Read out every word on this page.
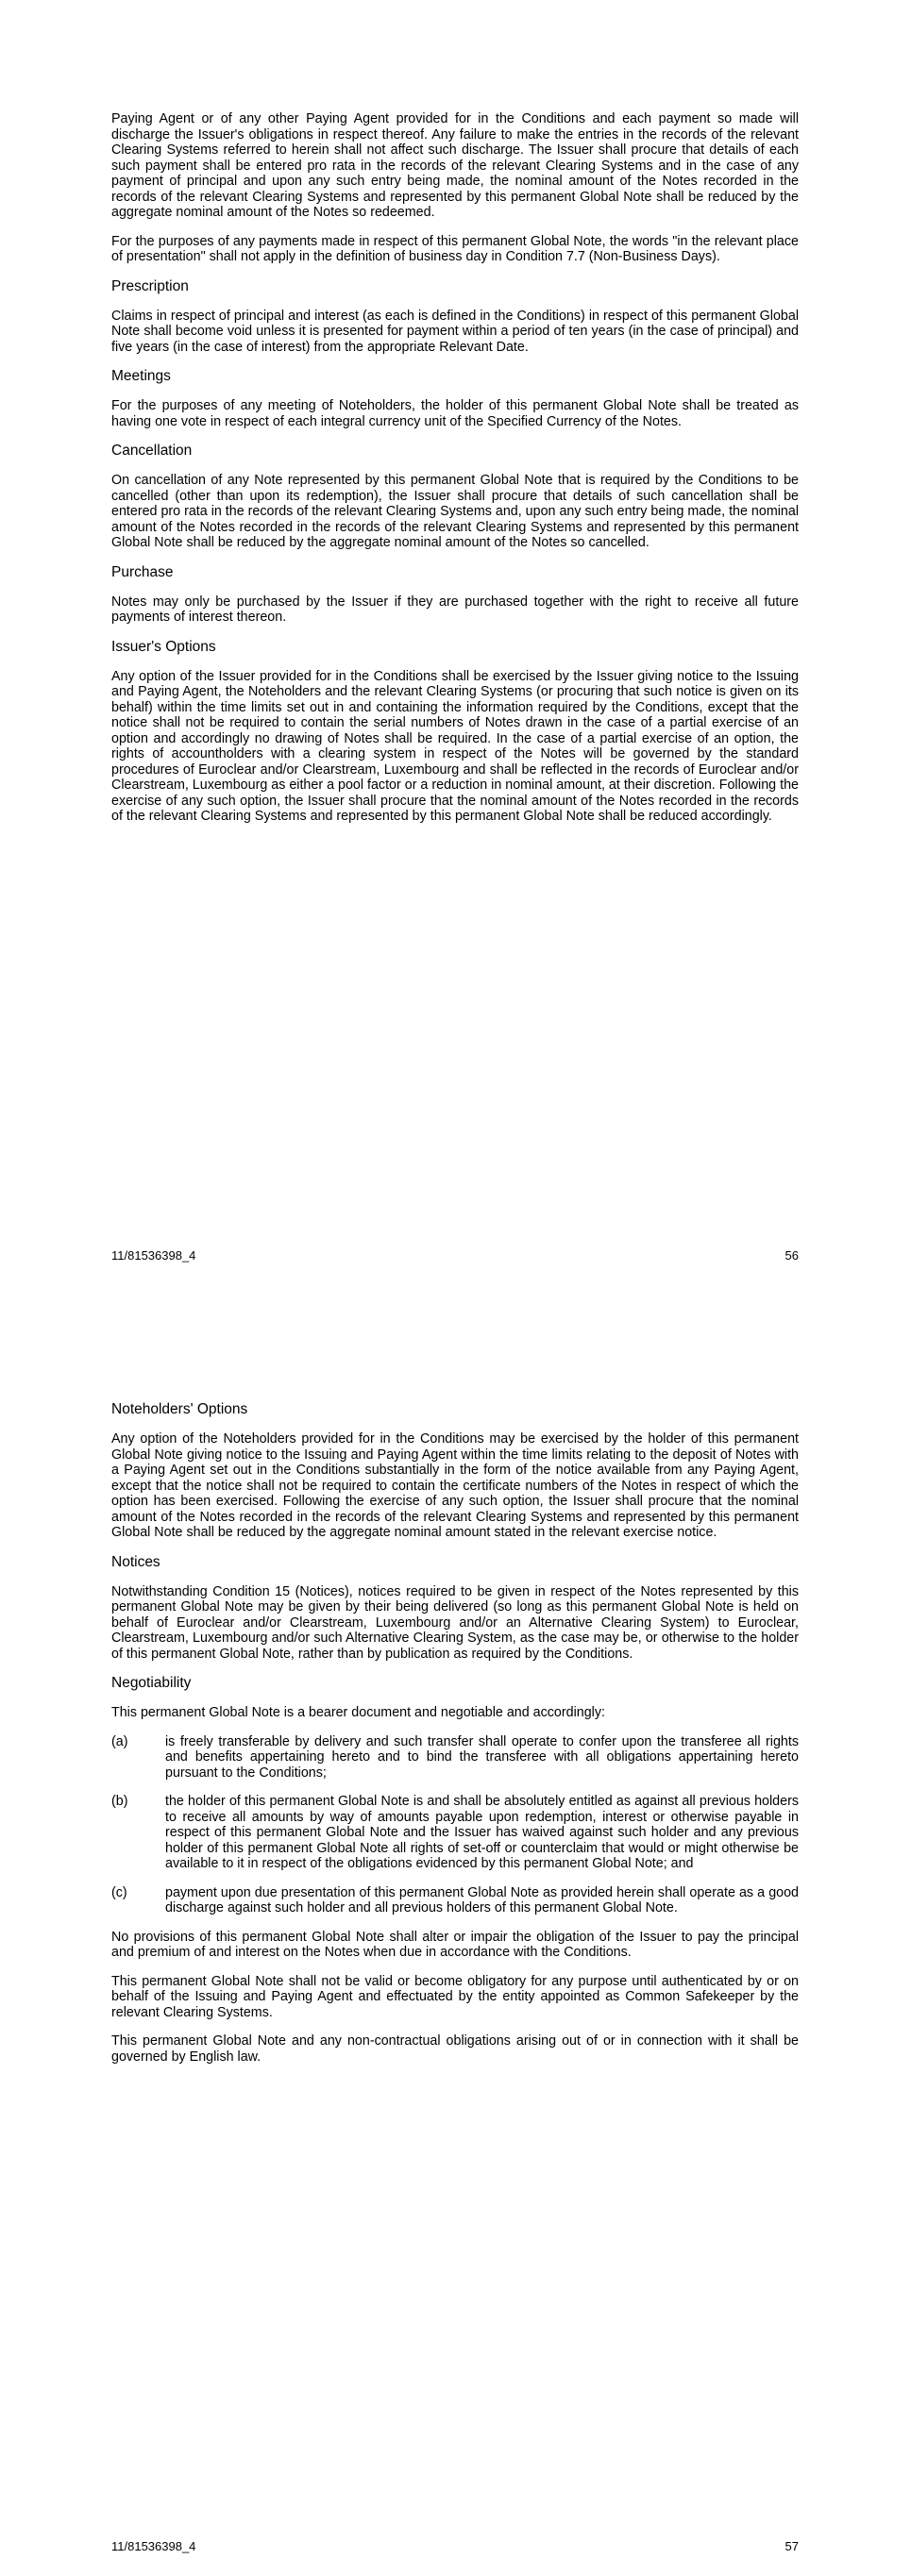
Paying Agent or of any other Paying Agent provided for in the Conditions and each payment so made will discharge the Issuer's obligations in respect thereof. Any failure to make the entries in the records of the relevant Clearing Systems referred to herein shall not affect such discharge. The Issuer shall procure that details of each such payment shall be entered pro rata in the records of the relevant Clearing Systems and in the case of any payment of principal and upon any such entry being made, the nominal amount of the Notes recorded in the records of the relevant Clearing Systems and represented by this permanent Global Note shall be reduced by the aggregate nominal amount of the Notes so redeemed.

For the purposes of any payments made in respect of this permanent Global Note, the words "in the relevant place of presentation" shall not apply in the definition of business day in Condition 7.7 (Non-Business Days).

Prescription

Claims in respect of principal and interest (as each is defined in the Conditions) in respect of this permanent Global Note shall become void unless it is presented for payment within a period of ten years (in the case of principal) and five years (in the case of interest) from the appropriate Relevant Date.

Meetings

For the purposes of any meeting of Noteholders, the holder of this permanent Global Note shall be treated as having one vote in respect of each integral currency unit of the Specified Currency of the Notes.

Cancellation

On cancellation of any Note represented by this permanent Global Note that is required by the Conditions to be cancelled (other than upon its redemption), the Issuer shall procure that details of such cancellation shall be entered pro rata in the records of the relevant Clearing Systems and, upon any such entry being made, the nominal amount of the Notes recorded in the records of the relevant Clearing Systems and represented by this permanent Global Note shall be reduced by the aggregate nominal amount of the Notes so cancelled.

Purchase

Notes may only be purchased by the Issuer if they are purchased together with the right to receive all future payments of interest thereon.

Issuer's Options

Any option of the Issuer provided for in the Conditions shall be exercised by the Issuer giving notice to the Issuing and Paying Agent, the Noteholders and the relevant Clearing Systems (or procuring that such notice is given on its behalf) within the time limits set out in and containing the information required by the Conditions, except that the notice shall not be required to contain the serial numbers of Notes drawn in the case of a partial exercise of an option and accordingly no drawing of Notes shall be required. In the case of a partial exercise of an option, the rights of accountholders with a clearing system in respect of the Notes will be governed by the standard procedures of Euroclear and/or Clearstream, Luxembourg and shall be reflected in the records of Euroclear and/or Clearstream, Luxembourg as either a pool factor or a reduction in nominal amount, at their discretion. Following the exercise of any such option, the Issuer shall procure that the nominal amount of the Notes recorded in the records of the relevant Clearing Systems and represented by this permanent Global Note shall be reduced accordingly.

11/81536398_4	56
Noteholders' Options

Any option of the Noteholders provided for in the Conditions may be exercised by the holder of this permanent Global Note giving notice to the Issuing and Paying Agent within the time limits relating to the deposit of Notes with a Paying Agent set out in the Conditions substantially in the form of the notice available from any Paying Agent, except that the notice shall not be required to contain the certificate numbers of the Notes in respect of which the option has been exercised. Following the exercise of any such option, the Issuer shall procure that the nominal amount of the Notes recorded in the records of the relevant Clearing Systems and represented by this permanent Global Note shall be reduced by the aggregate nominal amount stated in the relevant exercise notice.

Notices

Notwithstanding Condition 15 (Notices), notices required to be given in respect of the Notes represented by this permanent Global Note may be given by their being delivered (so long as this permanent Global Note is held on behalf of Euroclear and/or Clearstream, Luxembourg and/or an Alternative Clearing System) to Euroclear, Clearstream, Luxembourg and/or such Alternative Clearing System, as the case may be, or otherwise to the holder of this permanent Global Note, rather than by publication as required by the Conditions.

Negotiability

This permanent Global Note is a bearer document and negotiable and accordingly:

(a)	is freely transferable by delivery and such transfer shall operate to confer upon the transferee all rights and benefits appertaining hereto and to bind the transferee with all obligations appertaining hereto pursuant to the Conditions;
(b)	the holder of this permanent Global Note is and shall be absolutely entitled as against all previous holders to receive all amounts by way of amounts payable upon redemption, interest or otherwise payable in respect of this permanent Global Note and the Issuer has waived against such holder and any previous holder of this permanent Global Note all rights of set-off or counterclaim that would or might otherwise be available to it in respect of the obligations evidenced by this permanent Global Note; and
(c)	payment upon due presentation of this permanent Global Note as provided herein shall operate as a good discharge against such holder and all previous holders of this permanent Global Note.

No provisions of this permanent Global Note shall alter or impair the obligation of the Issuer to pay the principal and premium of and interest on the Notes when due in accordance with the Conditions.

This permanent Global Note shall not be valid or become obligatory for any purpose until authenticated by or on behalf of the Issuing and Paying Agent and effectuated by the entity appointed as Common Safekeeper by the relevant Clearing Systems.

This permanent Global Note and any non-contractual obligations arising out of or in connection with it shall be governed by English law.

11/81536398_4	57
